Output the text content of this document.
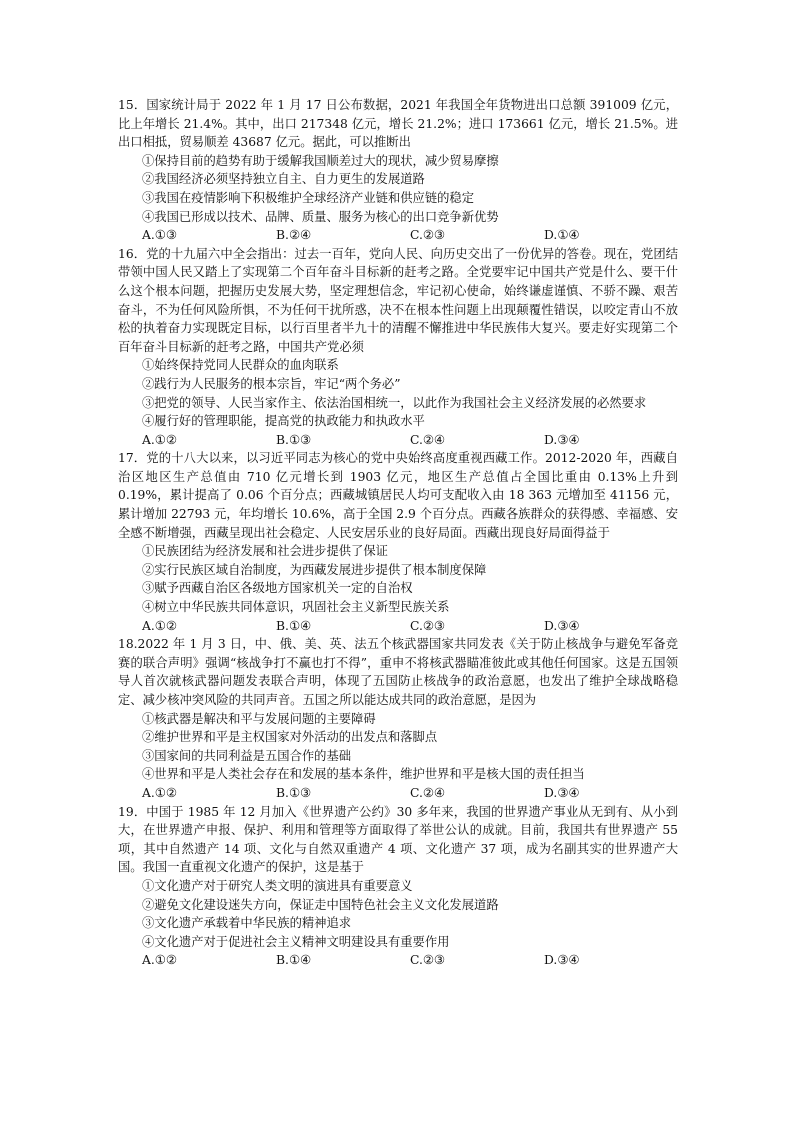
15．国家统计局于 2022 年 1 月 17 日公布数据，2021 年我国全年货物进出口总额 391009 亿元，比上年增长 21.4%。其中，出口 217348 亿元，增长 21.2%；进口 173661 亿元，增长 21.5%。进出口相抵，贸易顺差 43687 亿元。据此，可以推断出

①保持目前的趋势有助于缓解我国顺差过大的现状，减少贸易摩擦

②我国经济必须坚持独立自主、自力更生的发展道路

③我国在疫情影响下积极维护全球经济产业链和供应链的稳定

④我国已形成以技术、品牌、质量、服务为核心的出口竞争新优势

A.①③	B.②④	C.②③	D.①④

16．党的十九届六中全会指出：过去一百年，党向人民、向历史交出了一份优异的答卷。现在，党团结带领中国人民又踏上了实现第二个百年奋斗目标新的赶考之路。全党要牢记中国共产党是什么、要干什么这个根本问题，把握历史发展大势，坚定理想信念，牢记初心使命，始终谦虚谨慎、不骄不躁、艰苦奋斗，不为任何风险所惧，不为任何干扰所惑，决不在根本性问题上出现颠覆性错误，以咬定青山不放松的执着奋力实现既定目标，以行百里者半九十的清醒不懈推进中华民族伟大复兴。要走好实现第二个百年奋斗目标新的赶考之路，中国共产党必须

①始终保持党同人民群众的血肉联系

②践行为人民服务的根本宗旨，牢记“两个务必”

③把党的领导、人民当家作主、依法治国相统一，以此作为我国社会主义经济发展的必然要求

④履行好的管理职能，提高党的执政能力和执政水平

A.①②	B.①③	C.②④	D.③④

17．党的十八大以来，以习近平同志为核心的党中央始终高度重视西藏工作。2012-2020 年，西藏自治区地区生产总值由 710 亿元增长到 1903 亿元，地区生产总值占全国比重由 0.13%上升到 0.19%，累计提高了 0.06 个百分点；西藏城镇居民人均可支配收入由 18 363 元增加至 41156 元，累计增加 22793 元，年均增长 10.6%，高于全国 2.9 个百分点。西藏各族群众的获得感、幸福感、安全感不断增强，西藏呈现出社会稳定、人民安居乐业的良好局面。西藏出现良好局面得益于

①民族团结为经济发展和社会进步提供了保证

②实行民族区域自治制度，为西藏发展进步提供了根本制度保障

③赋予西藏自治区各级地方国家机关一定的自治权

④树立中华民族共同体意识，巩固社会主义新型民族关系

A.①②	B.①④	C.②③	D.③④

18.2022 年 1 月 3 日，中、俄、美、英、法五个核武器国家共同发表《关于防止核战争与避免军备竞赛的联合声明》强调“核战争打不赢也打不得”，重申不将核武器瞄准彼此或其他任何国家。这是五国领导人首次就核武器问题发表联合声明，体现了五国防止核战争的政治意愿，也发出了维护全球战略稳定、减少核冲突风险的共同声音。五国之所以能达成共同的政治意愿，是因为

①核武器是解决和平与发展问题的主要障碍

②维护世界和平是主权国家对外活动的出发点和落脚点

③国家间的共同利益是五国合作的基础

④世界和平是人类社会存在和发展的基本条件，维护世界和平是核大国的责任担当

A.①②	B.①③	C.②④	D.③④

19．中国于 1985 年 12 月加入《世界遗产公约》30 多年来，我国的世界遗产事业从无到有、从小到大，在世界遗产申报、保护、利用和管理等方面取得了举世公认的成就。目前，我国共有世界遗产 55 项，其中自然遗产 14 项、文化与自然双重遗产 4 项、文化遗产 37 项，成为名副其实的世界遗产大国。我国一直重视文化遗产的保护，这是基于

①文化遗产对于研究人类文明的演进具有重要意义

②避免文化建设迷失方向，保证走中国特色社会主义文化发展道路

③文化遗产承载着中华民族的精神追求

④文化遗产对于促进社会主义精神文明建设具有重要作用

A.①②	B.①④	C.②③	D.③④
